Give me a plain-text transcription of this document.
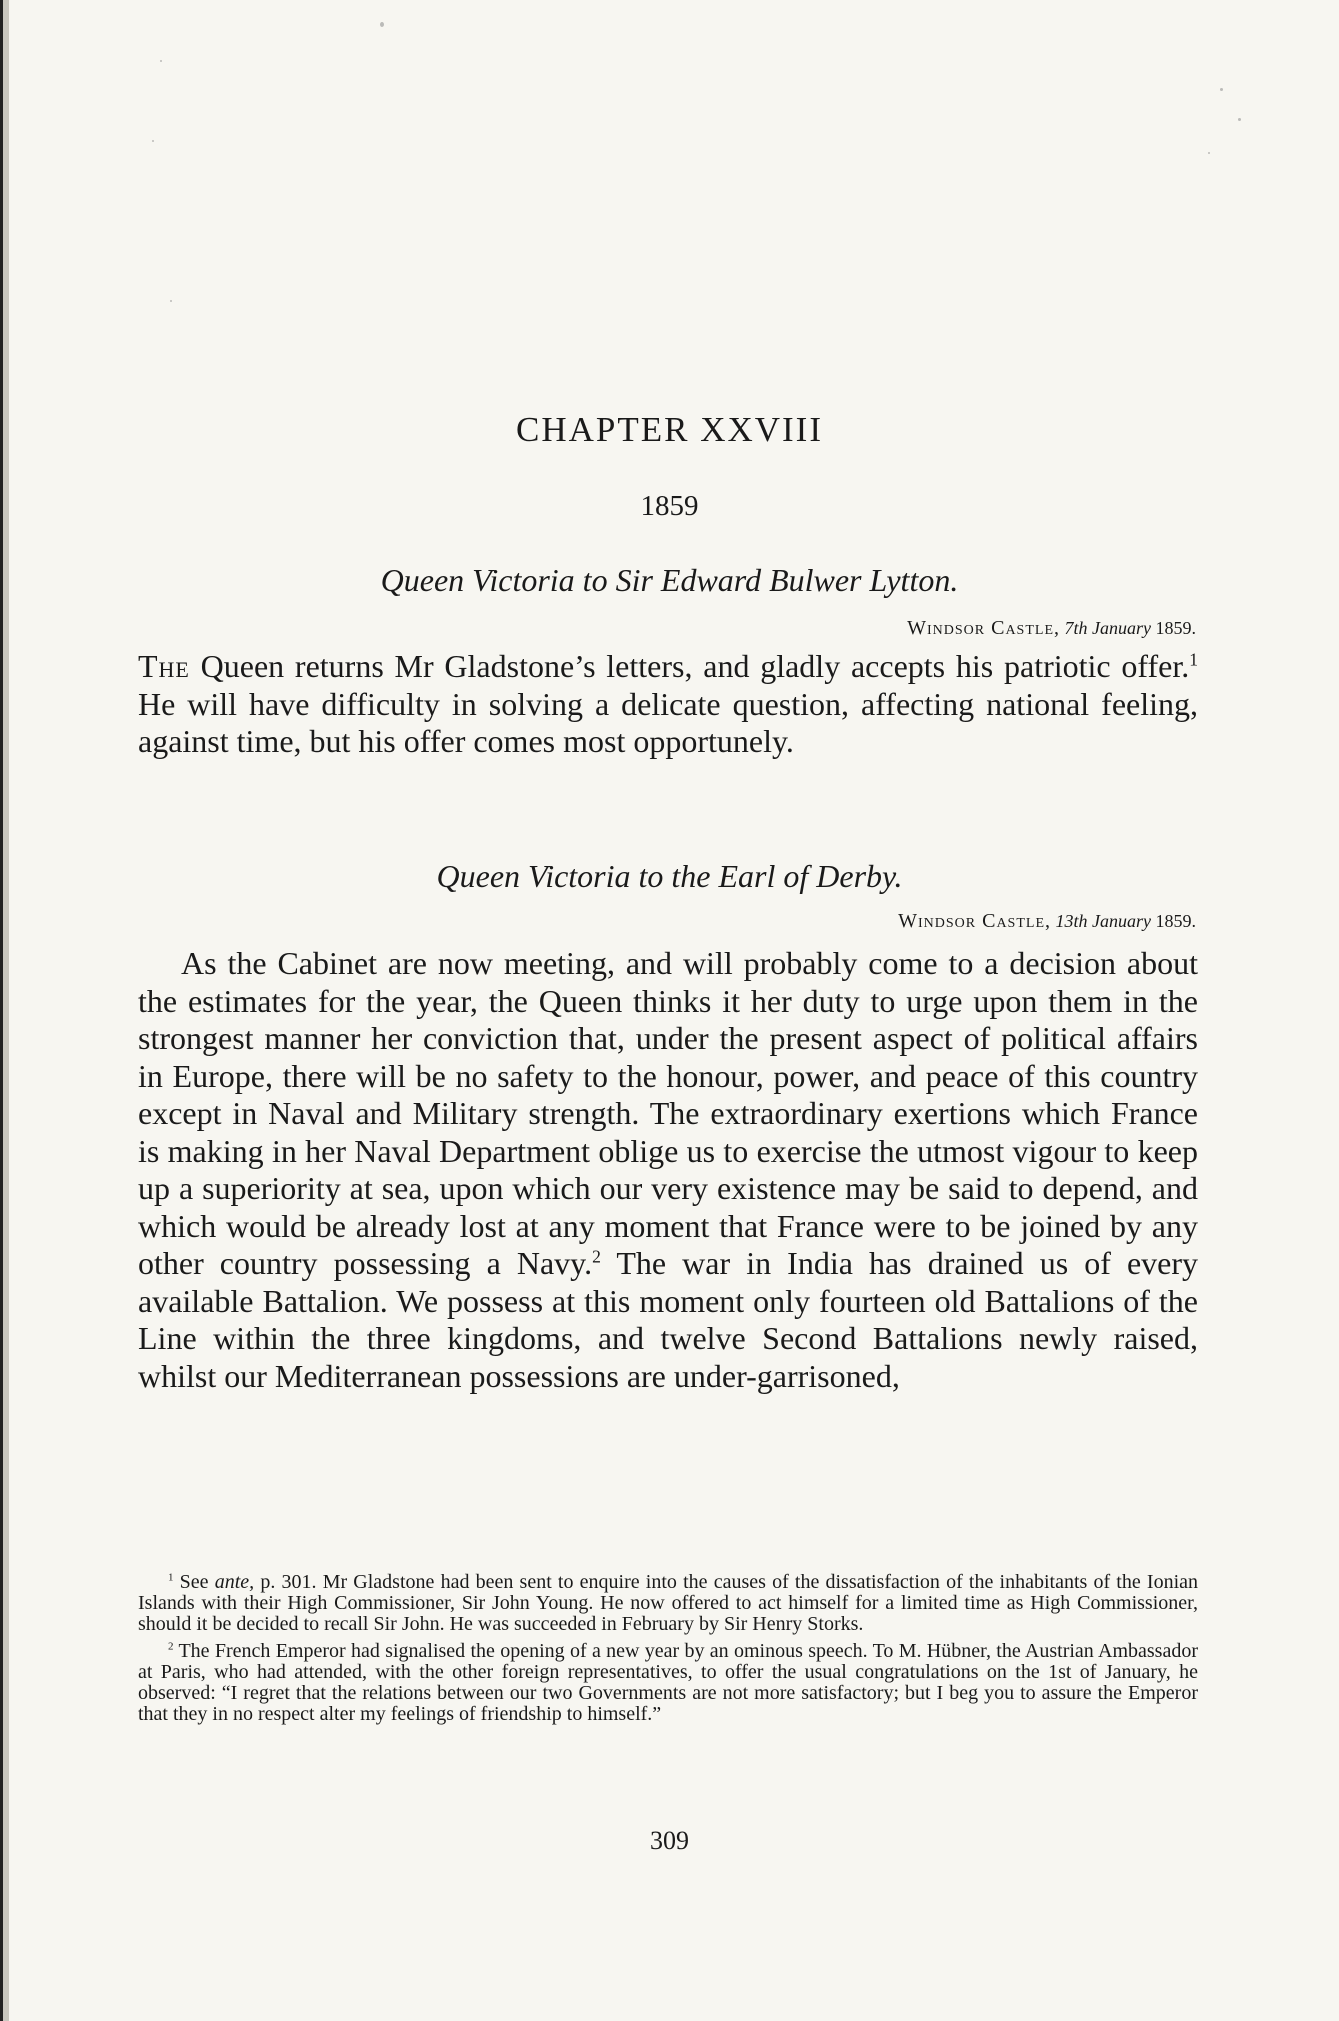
CHAPTER XXVIII

1859

Queen Victoria to Sir Edward Bulwer Lytton.
Windsor Castle, 7th January 1859.

The Queen returns Mr Gladstone’s letters, and gladly accepts his patriotic offer.$^1$ He will have difficulty in solving a delicate question, affecting national feeling, against time, but his offer comes most opportunely.

Queen Victoria to the Earl of Derby.
Windsor Castle, 13th January 1859.

As the Cabinet are now meeting, and will probably come to a decision about the estimates for the year, the Queen thinks it her duty to urge upon them in the strongest manner her conviction that, under the present aspect of political affairs in Europe, there will be no safety to the honour, power, and peace of this country except in Naval and Military strength. The extraordinary exertions which France is making in her Naval Department oblige us to exercise the utmost vigour to keep up a superiority at sea, upon which our very existence may be said to depend, and which would be already lost at any moment that France were to be joined by any other country possessing a Navy.$^2$ The war in India has drained us of every available Battalion. We possess at this moment only fourteen old Battalions of the Line within the three kingdoms, and twelve Second Battalions newly raised, whilst our Mediterranean possessions are under-garrisoned,

$^1$ See ante, p. 301. Mr Gladstone had been sent to enquire into the causes of the dissatisfaction of the inhabitants of the Ionian Islands with their High Commissioner, Sir John Young. He now offered to act himself for a limited time as High Commissioner, should it be decided to recall Sir John. He was succeeded in February by Sir Henry Storks.

$^2$ The French Emperor had signalised the opening of a new year by an ominous speech. To M. Hübner, the Austrian Ambassador at Paris, who had attended, with the other foreign representatives, to offer the usual congratulations on the 1st of January, he observed: “I regret that the relations between our two Governments are not more satisfactory; but I beg you to assure the Emperor that they in no respect alter my feelings of friendship to himself.”

309
